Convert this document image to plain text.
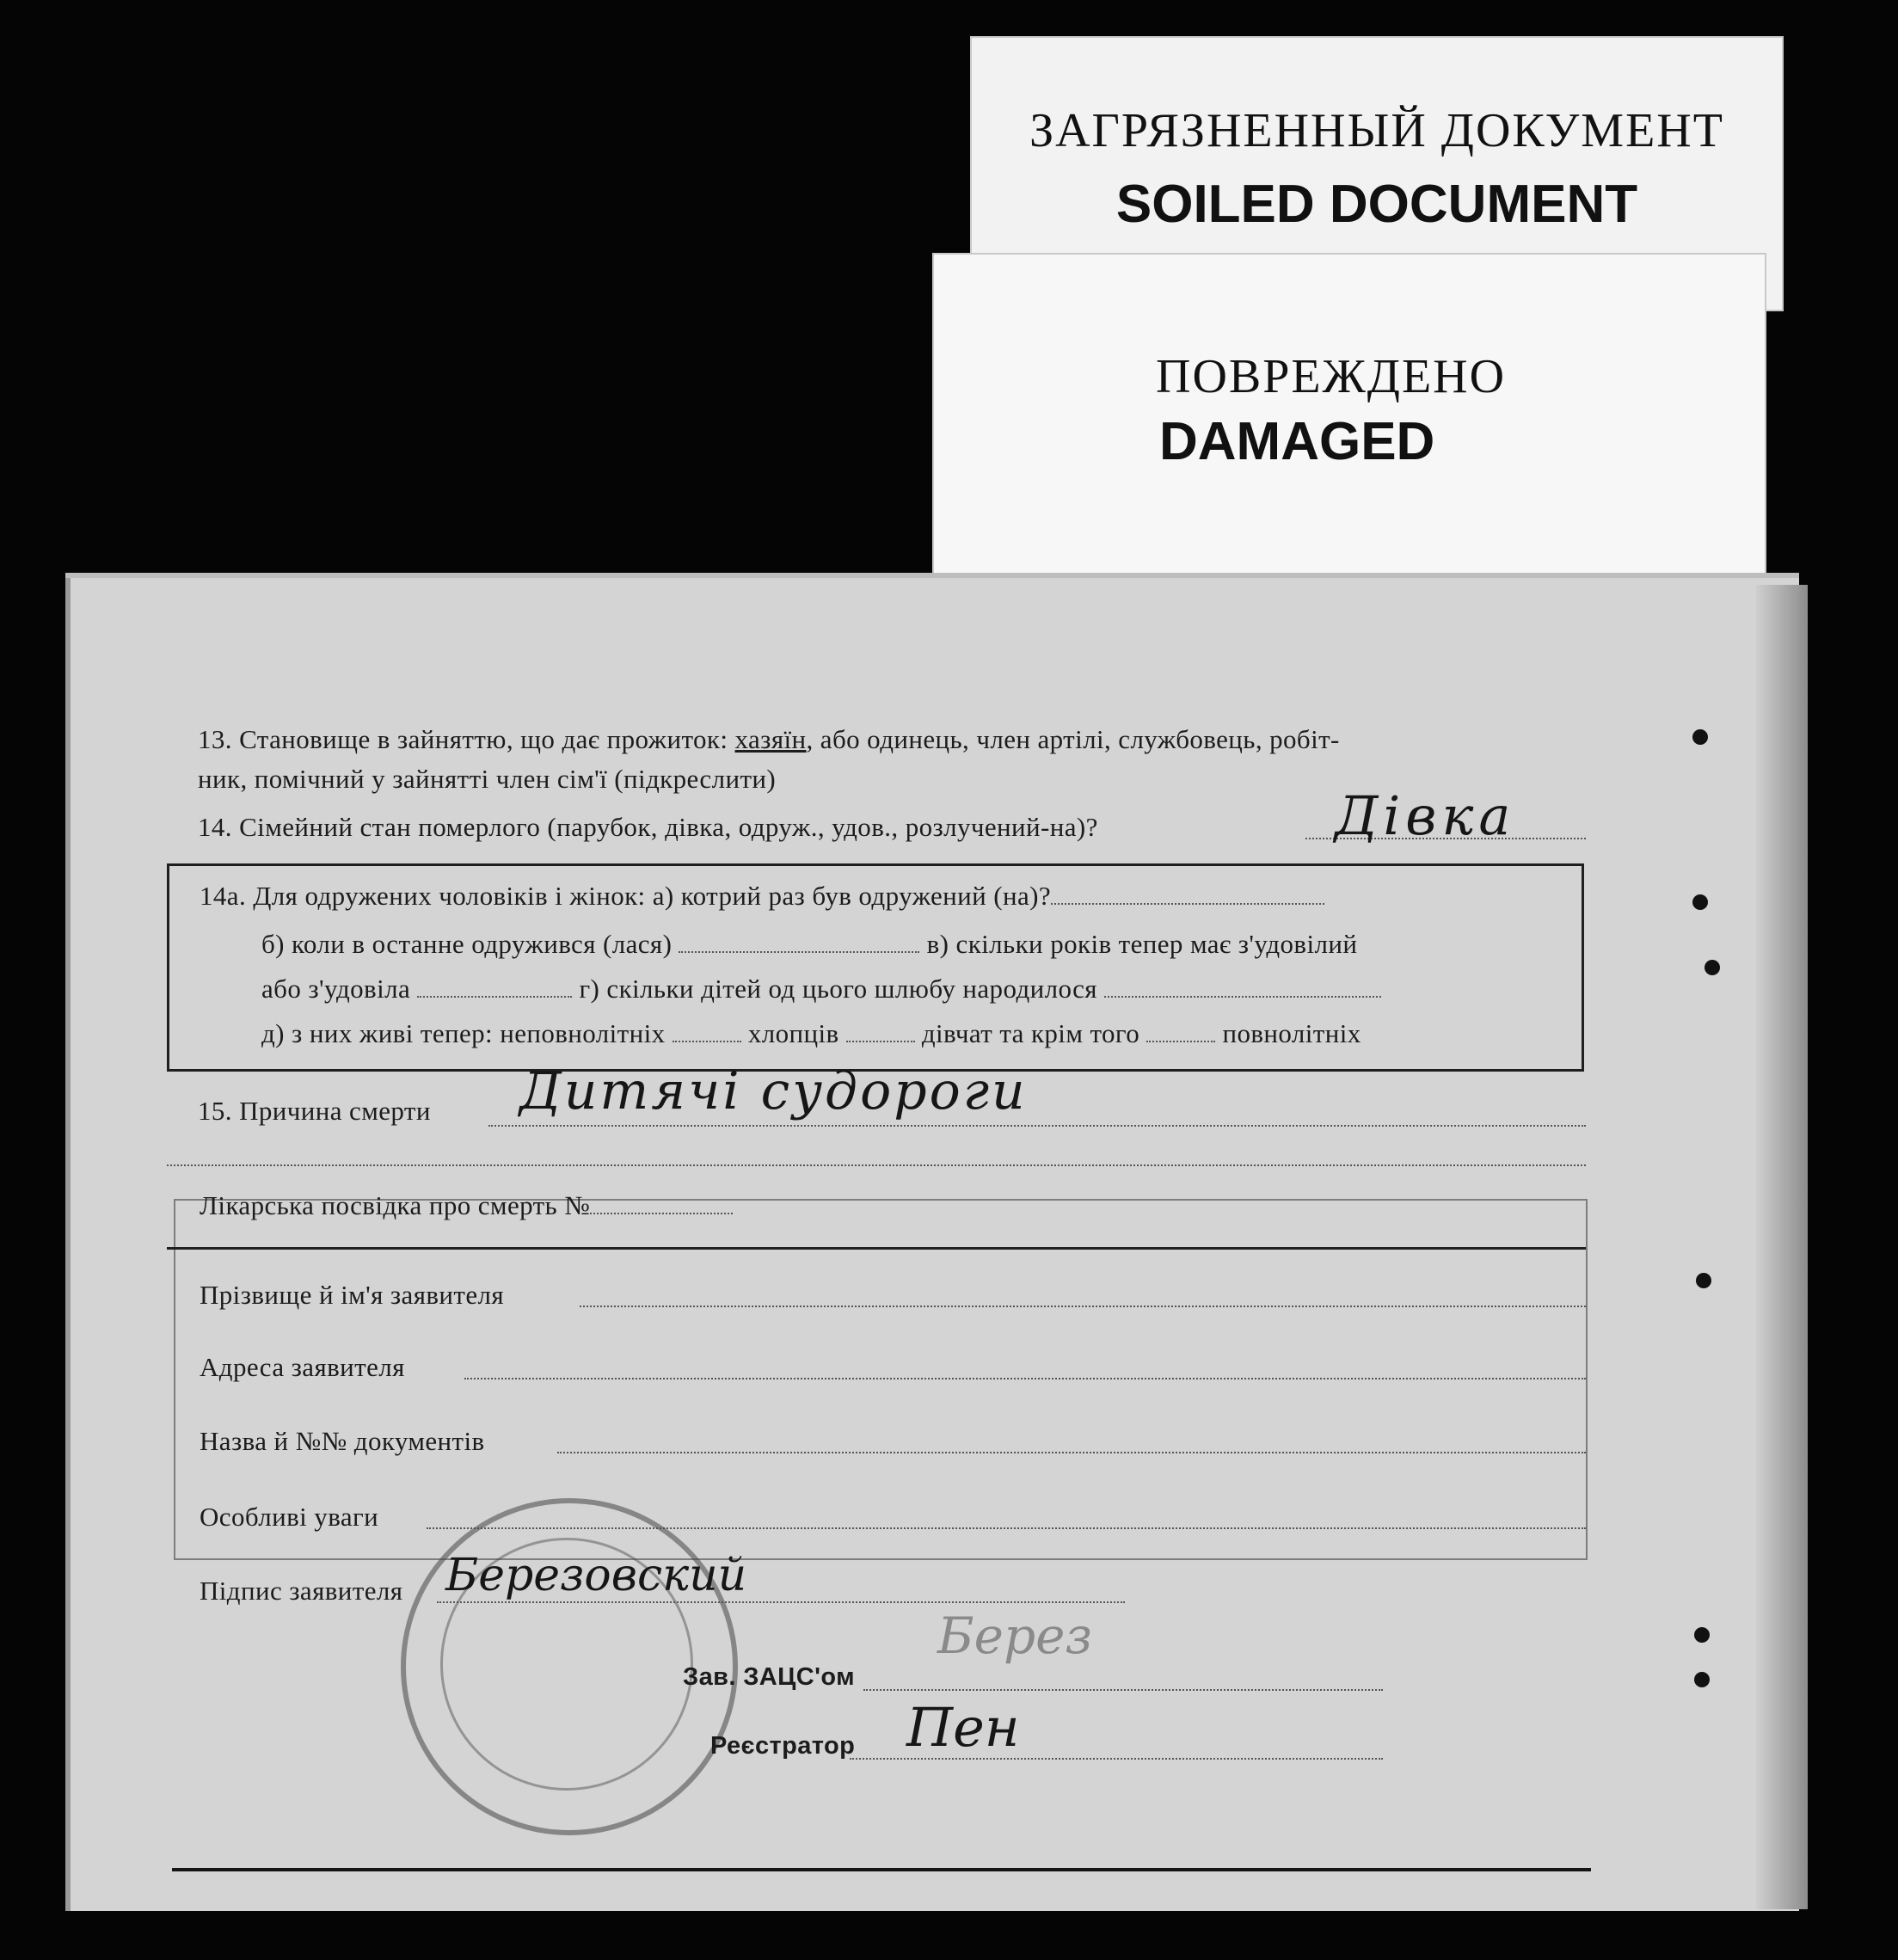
ЗАГРЯЗНЕННЫЙ ДОКУМЕНТ
SOILED DOCUMENT
ПОВРЕЖДЕНО
DAMAGED
13. Становище в зайняттю, що дає прожиток: хазяїн, або одинець, член артілі, службовець, робіт-
ник, помічний у зайнятті член сім'ї (підкреслити)
14. Сімейний стан померлого (парубок, дівка, одруж., удов., розлучений-на)?	Дівка
14а. Для одружених чоловіків і жінок: а) котрий раз був одружений (на)?
б) коли в останне одружився (лася)	в) скільки років тепер має з'удовілий
або з'удовіла	г) скільки дітей од цього шлюбу народилося
д) з них живі тепер: неповнолітніх	хлопців	дівчат та крім того	повнолітніх
15. Причина смерти Дитячі судороги
Лікарська посвідка про смерть №
Прізвище й ім'я заявителя
Адреса заявителя
Назва й №№ документів
Особливі уваги
Підпис заявителя Березовский
Зав. ЗАЦС'ом
Берез
Реєстратор Пен
